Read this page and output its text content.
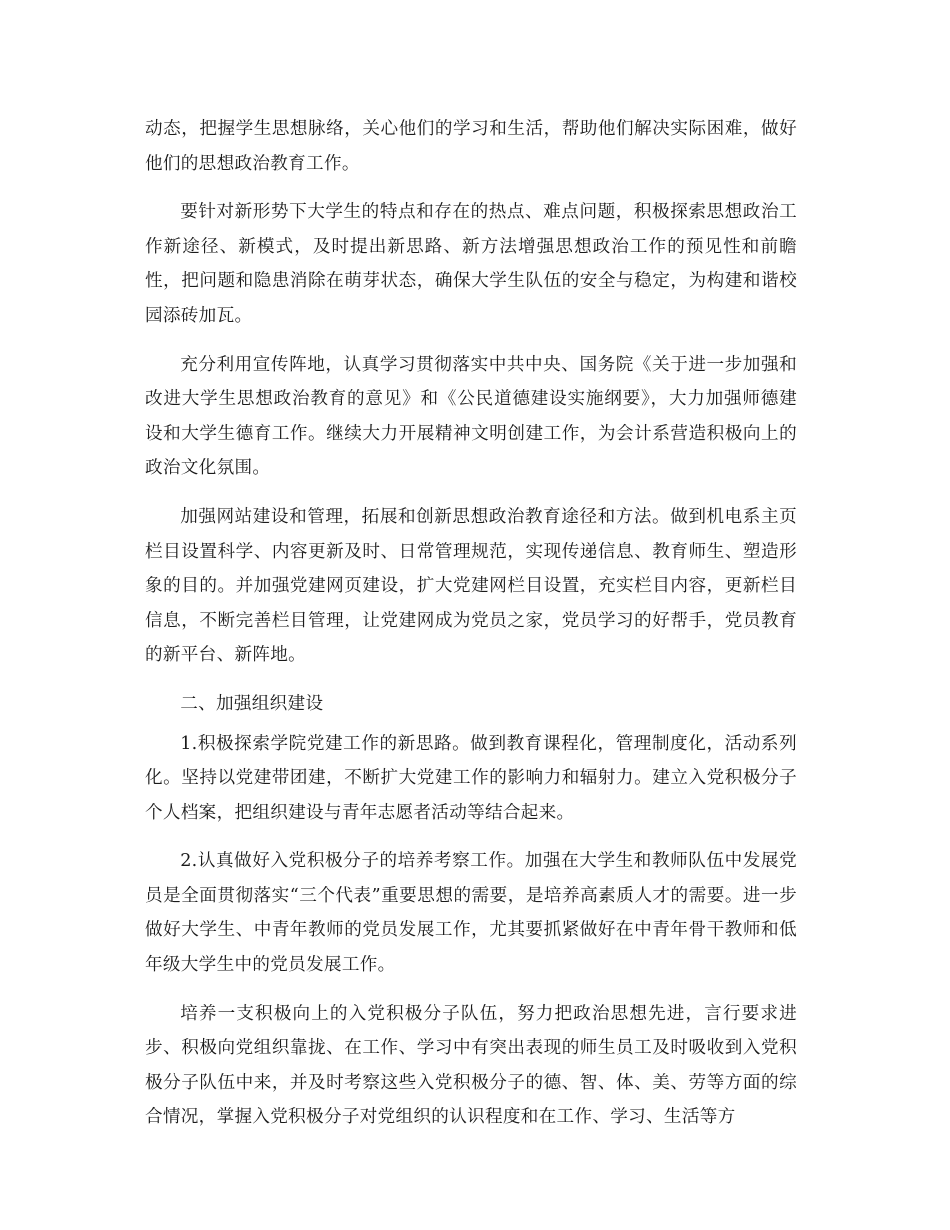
动态，把握学生思想脉络，关心他们的学习和生活，帮助他们解决实际困难，做好他们的思想政治教育工作。

要针对新形势下大学生的特点和存在的热点、难点问题，积极探索思想政治工作新途径、新模式，及时提出新思路、新方法增强思想政治工作的预见性和前瞻性，把问题和隐患消除在萌芽状态，确保大学生队伍的安全与稳定，为构建和谐校园添砖加瓦。

充分利用宣传阵地，认真学习贯彻落实中共中央、国务院《关于进一步加强和改进大学生思想政治教育的意见》和《公民道德建设实施纲要》，大力加强师德建设和大学生德育工作。继续大力开展精神文明创建工作，为会计系营造积极向上的政治文化氛围。

加强网站建设和管理，拓展和创新思想政治教育途径和方法。做到机电系主页栏目设置科学、内容更新及时、日常管理规范，实现传递信息、教育师生、塑造形象的目的。并加强党建网页建设，扩大党建网栏目设置，充实栏目内容，更新栏目信息，不断完善栏目管理，让党建网成为党员之家，党员学习的好帮手，党员教育的新平台、新阵地。

二、加强组织建设

1.积极探索学院党建工作的新思路。做到教育课程化，管理制度化，活动系列化。坚持以党建带团建，不断扩大党建工作的影响力和辐射力。建立入党积极分子个人档案，把组织建设与青年志愿者活动等结合起来。

2.认真做好入党积极分子的培养考察工作。加强在大学生和教师队伍中发展党员是全面贯彻落实“三个代表”重要思想的需要，是培养高素质人才的需要。进一步做好大学生、中青年教师的党员发展工作，尤其要抓紧做好在中青年骨干教师和低年级大学生中的党员发展工作。

培养一支积极向上的入党积极分子队伍，努力把政治思想先进，言行要求进步、积极向党组织靠拢、在工作、学习中有突出表现的师生员工及时吸收到入党积极分子队伍中来，并及时考察这些入党积极分子的德、智、体、美、劳等方面的综合情况，掌握入党积极分子对党组织的认识程度和在工作、学习、生活等方
